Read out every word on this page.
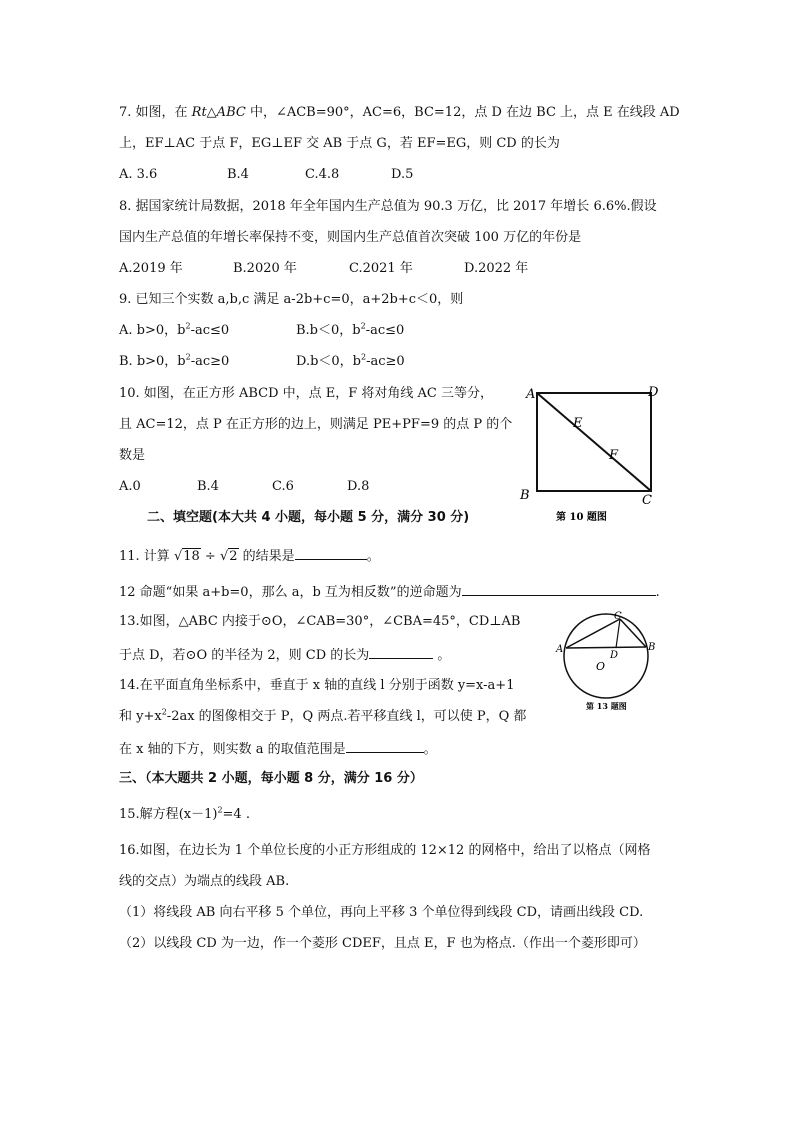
7. 如图，在 Rt△ABC 中，∠ACB=90°，AC=6，BC=12，点 D 在边 BC 上，点 E 在线段 AD
上，EF⊥AC 于点 F，EG⊥EF 交 AB 于点 G，若 EF=EG，则 CD 的长为
A. 3.6	B.4	C.4.8	D.5
8. 据国家统计局数据，2018 年全年国内生产总值为 90.3 万亿，比 2017 年增长 6.6%.假设
国内生产总值的年增长率保持不变，则国内生产总值首次突破 100 万亿的年份是
A.2019 年	B.2020 年	C.2021 年	D.2022 年
9. 已知三个实数 a,b,c 满足 a-2b+c=0，a+2b+c＜0，则
A. b>0，$b^2-ac\le 0$	B.b＜0，$b^2-ac\le 0$
B. b>0，$b^2-ac\ge 0$	D.b＜0，$b^2-ac\ge 0$
10. 如图，在正方形 ABCD 中，点 E，F 将对角线 AC 三等分，
且 AC=12，点 P 在正方形的边上，则满足 PE+PF=9 的点 P 的个
数是
A.0	B.4	C.6	D.8
A	D
E
F
B	C
第 10 题图
二、填空题(本大共 4 小题，每小题 5 分，满分 30 分)
11. 计算 √18 ÷ √2 的结果是	。
12 命题“如果 a+b=0，那么 a，b 互为相反数”的逆命题为	.
13.如图，△ABC 内接于⊙O，∠CAB=30°，∠CBA=45°，CD⊥AB
于点 D，若⊙O 的半径为 2，则 CD 的长为	。
C
A
D
B
O
第 13 题图
14.在平面直角坐标系中，垂直于 x 轴的直线 l 分别于函数 y=x-a+1
和 $y+x^2-2ax$ 的图像相交于 P，Q 两点.若平移直线 l，可以使 P，Q 都
在 x 轴的下方，则实数 a 的取值范围是	。
三、（本大题共 2 小题，每小题 8 分，满分 16 分）
15.解方程$(x-1)^2=4$ .
16.如图，在边长为 1 个单位长度的小正方形组成的 12×12 的网格中，给出了以格点（网格
线的交点）为端点的线段 AB.
（1）将线段 AB 向右平移 5 个单位，再向上平移 3 个单位得到线段 CD，请画出线段 CD.
（2）以线段 CD 为一边，作一个菱形 CDEF，且点 E，F 也为格点.（作出一个菱形即可）
